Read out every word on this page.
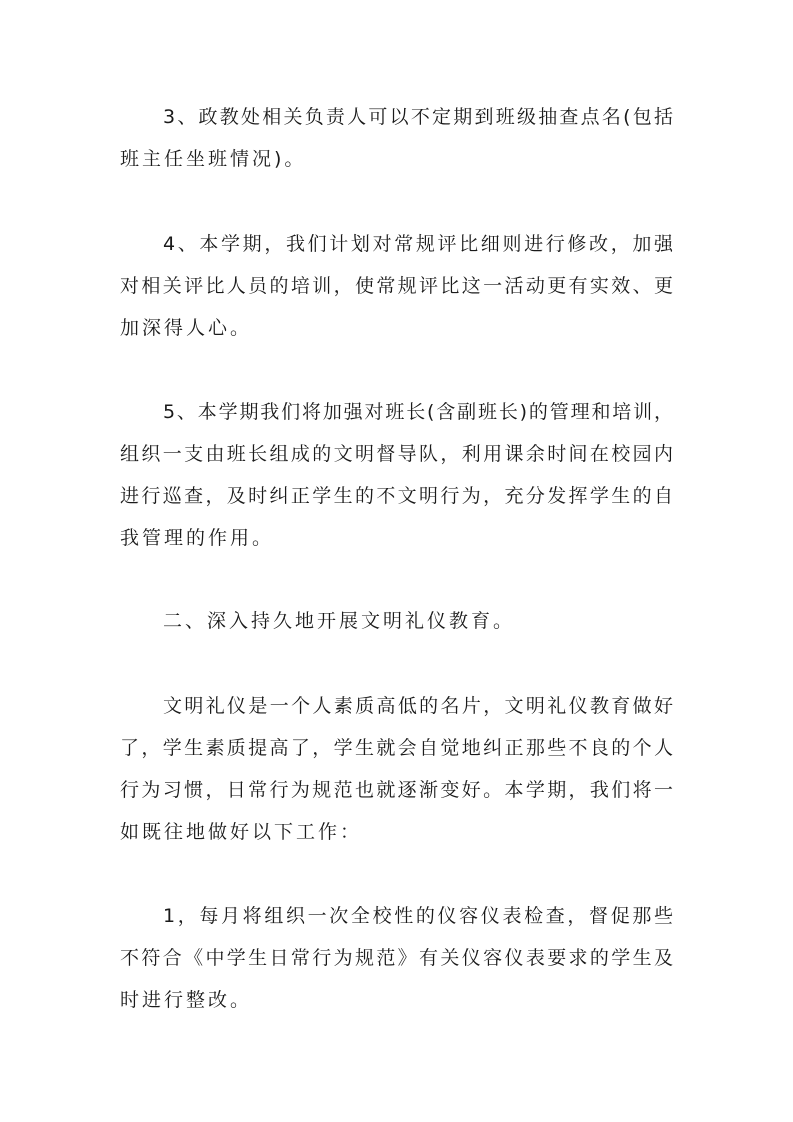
3、政教处相关负责人可以不定期到班级抽查点名(包括
班主任坐班情况)。
4、本学期，我们计划对常规评比细则进行修改，加强
对相关评比人员的培训，使常规评比这一活动更有实效、更
加深得人心。
5、本学期我们将加强对班长(含副班长)的管理和培训，
组织一支由班长组成的文明督导队，利用课余时间在校园内
进行巡查，及时纠正学生的不文明行为，充分发挥学生的自
我管理的作用。
二、深入持久地开展文明礼仪教育。
文明礼仪是一个人素质高低的名片，文明礼仪教育做好
了，学生素质提高了，学生就会自觉地纠正那些不良的个人
行为习惯，日常行为规范也就逐渐变好。本学期，我们将一
如既往地做好以下工作：
1，每月将组织一次全校性的仪容仪表检查，督促那些
不符合《中学生日常行为规范》有关仪容仪表要求的学生及
时进行整改。
